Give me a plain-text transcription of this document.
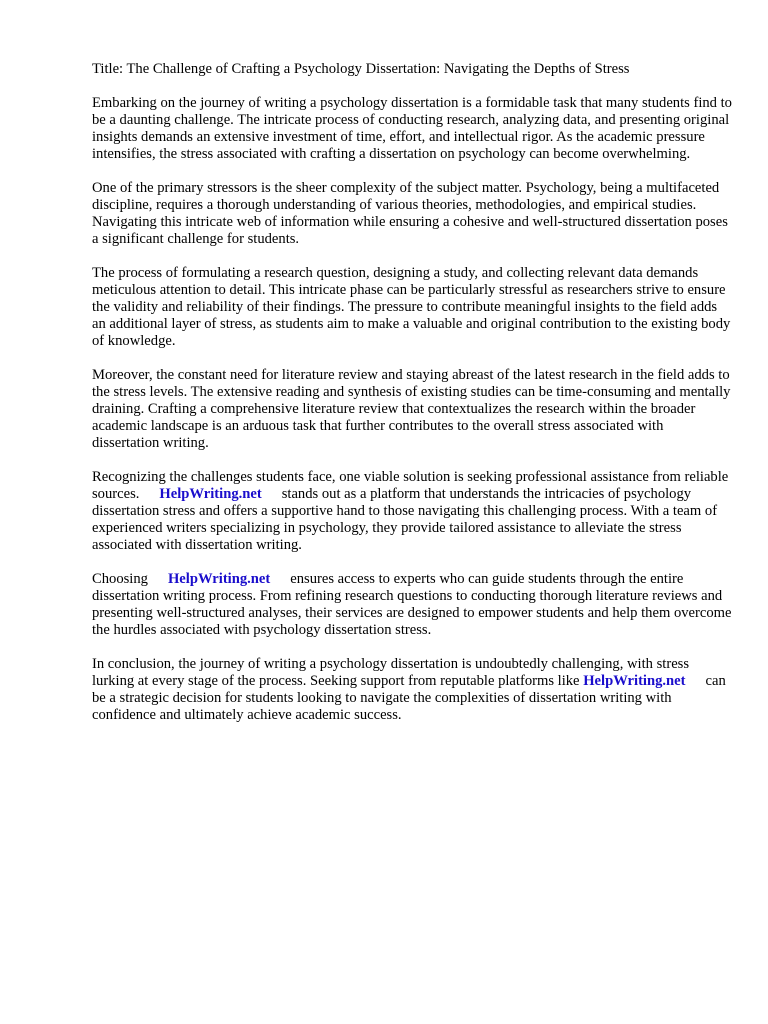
Title: The Challenge of Crafting a Psychology Dissertation: Navigating the Depths of Stress

Embarking on the journey of writing a psychology dissertation is a formidable task that many students find to be a daunting challenge. The intricate process of conducting research, analyzing data, and presenting original insights demands an extensive investment of time, effort, and intellectual rigor. As the academic pressure intensifies, the stress associated with crafting a dissertation on psychology can become overwhelming.

One of the primary stressors is the sheer complexity of the subject matter. Psychology, being a multifaceted discipline, requires a thorough understanding of various theories, methodologies, and empirical studies. Navigating this intricate web of information while ensuring a cohesive and well-structured dissertation poses a significant challenge for students.

The process of formulating a research question, designing a study, and collecting relevant data demands meticulous attention to detail. This intricate phase can be particularly stressful as researchers strive to ensure the validity and reliability of their findings. The pressure to contribute meaningful insights to the field adds an additional layer of stress, as students aim to make a valuable and original contribution to the existing body of knowledge.

Moreover, the constant need for literature review and staying abreast of the latest research in the field adds to the stress levels. The extensive reading and synthesis of existing studies can be time-consuming and mentally draining. Crafting a comprehensive literature review that contextualizes the research within the broader academic landscape is an arduous task that further contributes to the overall stress associated with dissertation writing.

Recognizing the challenges students face, one viable solution is seeking professional assistance from reliable sources. HelpWriting.net stands out as a platform that understands the intricacies of psychology dissertation stress and offers a supportive hand to those navigating this challenging process. With a team of experienced writers specializing in psychology, they provide tailored assistance to alleviate the stress associated with dissertation writing.

Choosing HelpWriting.net ensures access to experts who can guide students through the entire dissertation writing process. From refining research questions to conducting thorough literature reviews and presenting well-structured analyses, their services are designed to empower students and help them overcome the hurdles associated with psychology dissertation stress.

In conclusion, the journey of writing a psychology dissertation is undoubtedly challenging, with stress lurking at every stage of the process. Seeking support from reputable platforms like HelpWriting.net can be a strategic decision for students looking to navigate the complexities of dissertation writing with confidence and ultimately achieve academic success.
